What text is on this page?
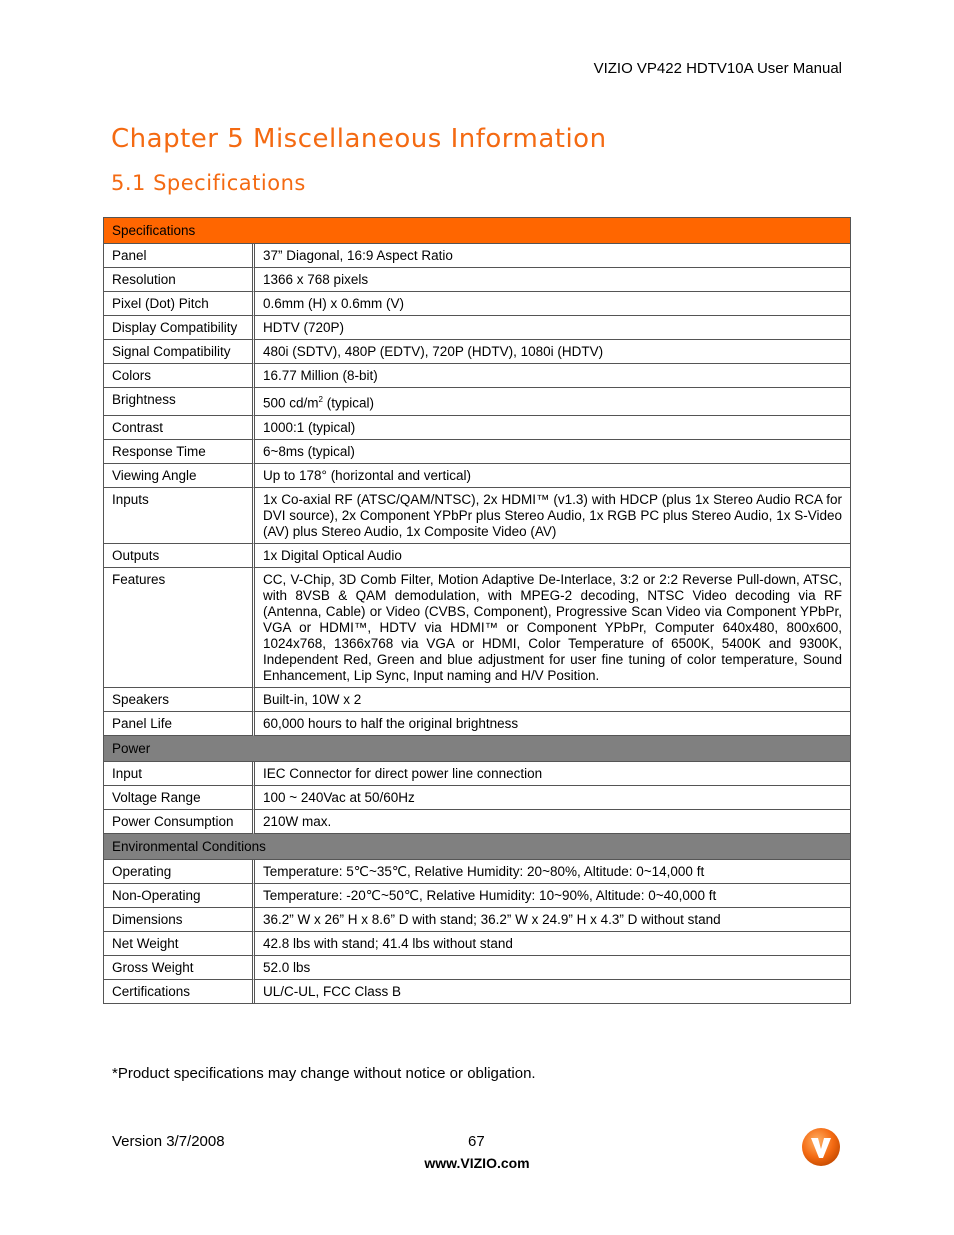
VIZIO VP422 HDTV10A User Manual
Chapter 5 Miscellaneous Information
5.1 Specifications
Specifications	
Panel	37” Diagonal, 16:9 Aspect Ratio
Resolution	1366 x 768 pixels
Pixel (Dot) Pitch	0.6mm (H) x 0.6mm (V)
Display Compatibility	HDTV (720P)
Signal Compatibility	480i (SDTV), 480P (EDTV), 720P (HDTV), 1080i (HDTV)
Colors	16.77 Million (8-bit)
Brightness	500 $cd/m^2$ (typical)
Contrast	1000:1 (typical)
Response Time	6~8ms (typical)
Viewing Angle	Up to 178° (horizontal and vertical)
Inputs	1x Co-axial RF (ATSC/QAM/NTSC), 2x HDMI™ (v1.3) with HDCP (plus 1x Stereo Audio RCA for DVI source), 2x Component YPbPr plus Stereo Audio, 1x RGB PC plus Stereo Audio, 1x S-Video (AV) plus Stereo Audio, 1x Composite Video (AV)
Outputs	1x Digital Optical Audio
Features	CC, V-Chip, 3D Comb Filter, Motion Adaptive De-Interlace, 3:2 or 2:2 Reverse Pull-down, ATSC, with 8VSB & QAM demodulation, with MPEG-2 decoding, NTSC Video decoding via RF (Antenna, Cable) or Video (CVBS, Component), Progressive Scan Video via Component YPbPr, VGA or HDMI™, HDTV via HDMI™ or Component YPbPr, Computer 640x480, 800x600, 1024x768, 1366x768 via VGA or HDMI, Color Temperature of 6500K, 5400K and 9300K, Independent Red, Green and blue adjustment for user fine tuning of color temperature, Sound Enhancement, Lip Sync, Input naming and H/V Position.
Speakers	Built-in, 10W x 2
Panel Life	60,000 hours to half the original brightness
Power	
Input	IEC Connector for direct power line connection
Voltage Range	100 ~ 240Vac at 50/60Hz
Power Consumption	210W max.
Environmental Conditions	
Operating	Temperature: 5℃~35℃, Relative Humidity: 20~80%, Altitude: 0~14,000 ft
Non-Operating	Temperature: -20℃~50℃, Relative Humidity: 10~90%, Altitude: 0~40,000 ft
Dimensions	36.2” W x 26” H x 8.6” D with stand; 36.2” W x 24.9” H x 4.3” D without stand
Net Weight	42.8 lbs with stand; 41.4 lbs without stand
Gross Weight	52.0 lbs
Certifications	UL/C-UL, FCC Class B
*Product specifications may change without notice or obligation.
Version 3/7/2008	67
www.VIZIO.com
